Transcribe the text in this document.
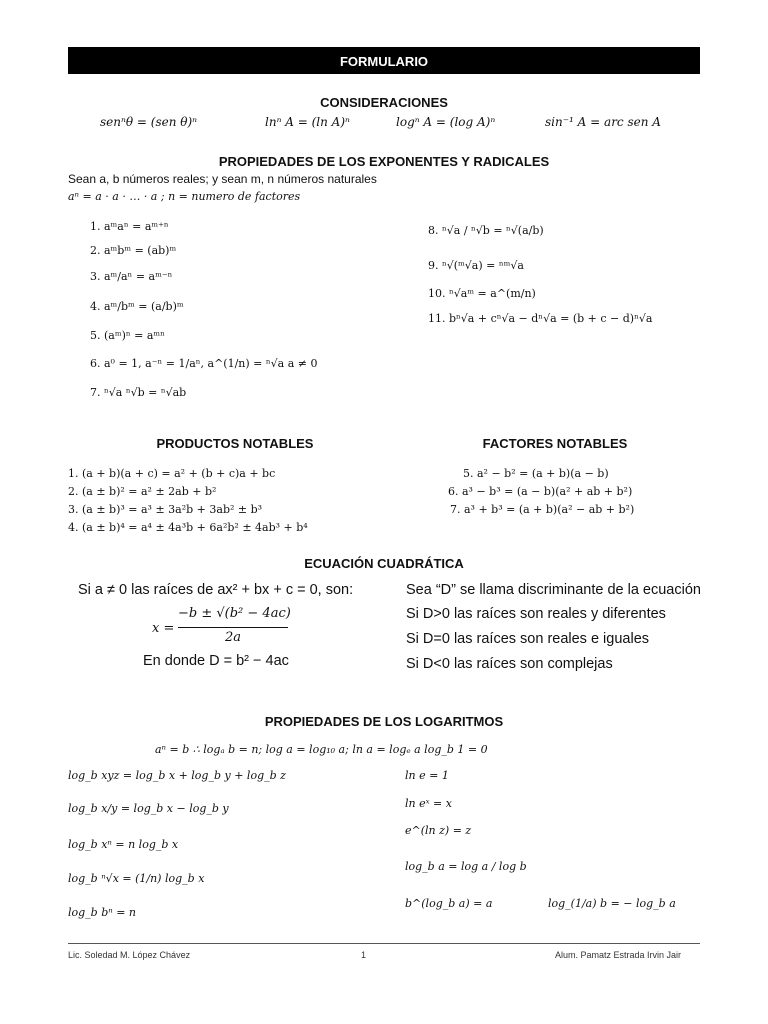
FORMULARIO
CONSIDERACIONES
senⁿθ = (sen θ)ⁿ	lnⁿ A = (ln A)ⁿ	logⁿ A = (log A)ⁿ	sin⁻¹ A = arc sen A
PROPIEDADES DE LOS EXPONENTES Y RADICALES
Sean a, b números reales; y sean m, n números naturales
aⁿ = a · a · … · a ; n = numero de factores
1. aᵐaⁿ = aᵐ⁺ⁿ
2. aᵐbᵐ = (ab)ᵐ
3. aᵐ/aⁿ = aᵐ⁻ⁿ
4. aᵐ/bᵐ = (a/b)ᵐ
5. (aᵐ)ⁿ = aᵐⁿ
6. a⁰ = 1, a⁻ⁿ = 1/aⁿ, a^(1/n) = ⁿ√a a ≠ 0
7. ⁿ√a ⁿ√b = ⁿ√ab
8. ⁿ√a / ⁿ√b = ⁿ√(a/b)
9. ⁿ√(ᵐ√a) = ⁿᵐ√a
10. ⁿ√aᵐ = a^(m/n)
11. bⁿ√a + cⁿ√a − dⁿ√a = (b + c − d)ⁿ√a
PRODUCTOS NOTABLES
1. (a + b)(a + c) = a² + (b + c)a + bc
2. (a ± b)² = a² ± 2ab + b²
3. (a ± b)³ = a³ ± 3a²b + 3ab² ± b³
4. (a ± b)⁴ = a⁴ ± 4a³b + 6a²b² ± 4ab³ + b⁴
FACTORES NOTABLES
5. a² − b² = (a + b)(a − b)
6. a³ − b³ = (a − b)(a² + ab + b²)
7. a³ + b³ = (a + b)(a² − ab + b²)
ECUACIÓN CUADRÁTICA
Si a ≠ 0 las raíces de ax² + bx + c = 0, son:
x =
−b ± √(b² − 4ac)
2a
En donde D = b² − 4ac
Sea “D” se llama discriminante de la ecuación
Si D>0 las raíces son reales y diferentes
Si D=0 las raíces son reales e iguales
Si D<0 las raíces son complejas
PROPIEDADES DE LOS LOGARITMOS
aⁿ = b ∴ logₐ b = n; log a = log₁₀ a; ln a = logₑ a log_b 1 = 0
log_b xyz = log_b x + log_b y + log_b z
log_b x/y = log_b x − log_b y
log_b xⁿ = n log_b x
log_b ⁿ√x = (1/n) log_b x
log_b bⁿ = n
ln e = 1
ln eˣ = x
e^(ln z) = z
log_b a = log a / log b
b^(log_b a) = a	log_(1/a) b = − log_b a
Lic. Soledad M. López Chávez	1	Alum. Pamatz Estrada Irvin Jair
